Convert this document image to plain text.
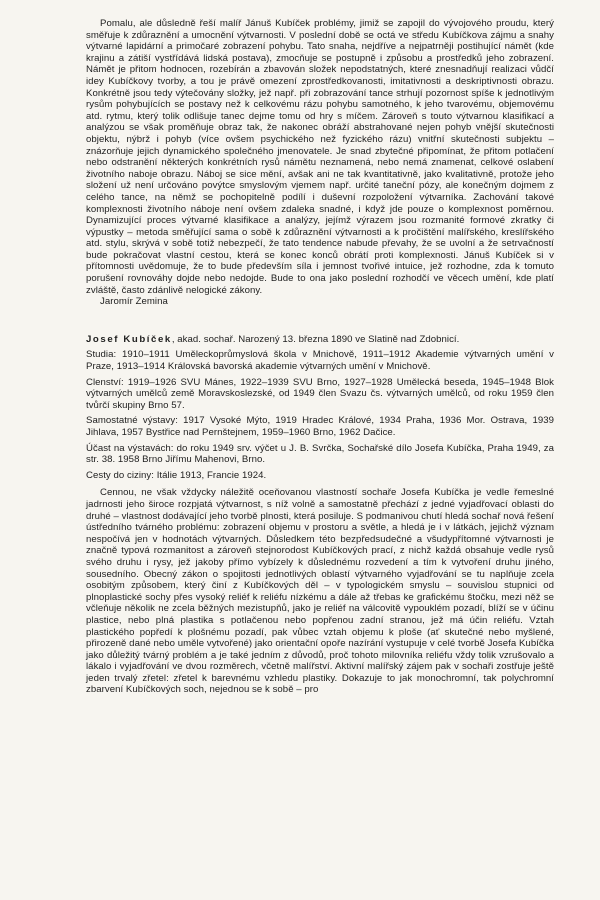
Pomalu, ale důsledně řeší malíř Jánuš Kubíček problémy, jimiž se zapojil do vývojového proudu, který směřuje k zdůraznění a umocnění výtvarnosti. V poslední době se octá ve středu Kubíčkova zájmu a snahy výtvarné lapidární a primočaré zobrazení pohybu. Tato snaha, nejdříve a nejpatrněji postihující námět (kde krajinu a zátiší vystřídává lidská postava), zmocňuje se postupně i způsobu a prostředků jeho zobrazení. Námět je přitom hodnocen, rozebírán a zbavován složek nepodstatných, které znesnadňují realizaci vůdčí idey Kubíčkovy tvorby, a tou je právě omezení zprostředkovanosti, imitativnosti a deskriptivnosti obrazu. Konkrétně jsou tedy výtečovány složky, jež např. při zobrazování tance strhují pozornost spíše k jednotlivým rysům pohybujících se postavy než k celkovému rázu pohybu samotného, k jeho tvarovému, objemovému atd. rytmu, který tolik odlišuje tanec dejme tomu od hry s míčem. Zároveň s touto výtvarnou klasifikací a analýzou se však proměňuje obraz tak, že nakonec obráží abstrahované nejen pohyb vnější skutečnosti objektu, nýbrž i pohyb (více ovšem psychického než fyzického rázu) vnitřní skutečnosti subjektu – znázorňuje jejich dynamického společného jmenovatele. Je snad zbytečné připomínat, že přitom potlačení nebo odstranění některých konkrétních rysů námětu neznamená, nebo nemá znamenat, celkové oslabení životního naboje obrazu. Náboj se sice mění, avšak ani ne tak kvantitativně, jako kvalitativně, protože jeho složení už není určováno povýtce smyslovým vjemem např. určité taneční pózy, ale konečným dojmem z celého tance, na němž se pochopitelně podílí i duševní rozpoložení výtvarníka. Zachování takové komplexnosti životního náboje není ovšem zdaleka snadné, i když jde pouze o komplexnost poměrnou. Dynamizující proces výtvarné klasifikace a analýzy, jejímž výrazem jsou rozmanité formové zkratky či výpustky – metoda směřující sama o sobě k zdůraznění výtvarnosti a k pročištění malířského, kreslířského atd. stylu, skrývá v sobě totiž nebezpečí, že tato tendence nabude převahy, že se uvolní a že setrvačností bude pokračovat vlastní cestou, která se konec konců obrátí proti komplexnosti. Jánuš Kubíček si v přítomnosti uvědomuje, že to bude především síla i jemnost tvořivé intuice, jež rozhodne, zda k tomuto porušení rovnováhy dojde nebo nedojde. Bude to ona jako poslední rozhodčí ve věcech umění, kde platí zvláště, často zdánlivě nelogické zákony.

Jaromír Zemina

Josef Kubíček, akad. sochař. Narozený 13. března 1890 ve Slatině nad Zdobnicí.

Studia: 1910–1911 Uměleckoprůmyslová škola v Mnichově, 1911–1912 Akademie výtvarných umění v Praze, 1913–1914 Královská bavorská akademie výtvarných umění v Mnichově.

Clenství: 1919–1926 SVU Mánes, 1922–1939 SVU Brno, 1927–1928 Umělecká beseda, 1945–1948 Blok výtvarných umělců země Moravskoslezské, od 1949 člen Svazu čs. výtvarných umělců, od roku 1959 člen tvůrčí skupiny Brno 57.

Samostatné výstavy: 1917 Vysoké Mýto, 1919 Hradec Králové, 1934 Praha, 1936 Mor. Ostrava, 1939 Jihlava, 1957 Bystřice nad Pernštejnem, 1959–1960 Brno, 1962 Dačice.

Účast na výstavách: do roku 1949 srv. výčet u J. B. Svrčka, Sochařské dílo Josefa Kubíčka, Praha 1949, za str. 38. 1958 Brno Jiřímu Mahenovi, Brno.

Cesty do ciziny: Itálie 1913, Francie 1924.

Cennou, ne však vždycky náležitě oceňovanou vlastností sochaře Josefa Kubíčka je vedle řemeslné jadrnosti jeho široce rozpjatá výtvarnost, s níž volně a samostatně přechází z jedné vyjadřovací oblasti do druhé – vlastnost dodávající jeho tvorbě plnosti, která posiluje. S podmanivou chutí hledá sochař nová řešení ústředního tvárného problému: zobrazení objemu v prostoru a světle, a hledá je i v látkách, jejichž význam nespočívá jen v hodnotách výtvarných. Důsledkem této bezpředsudečné a všudypřítomné výtvarnosti je značně typová rozmanitost a zároveň stejnorodost Kubíčkových prací, z nichž každá obsahuje vedle rysů svého druhu i rysy, jež jakoby přímo vybízely k důslednému rozvedení a tím k vytvoření druhu jiného, sousedního. Obecný zákon o spojitosti jednotlivých oblastí výtvarného vyjadřování se tu naplňuje zcela osobitým způsobem, který činí z Kubíčkových děl – v typologickém smyslu – souvislou stupnici od plnoplastické sochy přes vysoký reliéf k reliéfu nízkému a dále až třebas ke grafickému štočku, mezi něž se včleňuje několik ne zcela běžných mezistupňů, jako je reliéf na válcovitě vypouklém pozadí, blíží se v účinu plastice, nebo plná plastika s potlačenou nebo popřenou zadní stranou, jež má účin reliéfu. Vztah plastického popředí k plošnému pozadí, pak vůbec vztah objemu k ploše (ať skutečné nebo myšlené, přirozeně dané nebo uměle vytvořené) jako orientační opoře nazírání vystupuje v celé tvorbě Josefa Kubíčka jako důležitý tvárný problém a je také jedním z důvodů, proč tohoto milovníka reliéfu vždy tolik vzrušovalo a lákalo i vyjadřování ve dvou rozměrech, včetně malířství. Aktivní malířský zájem pak v sochaři zostřuje ještě jeden trvalý zřetel: zřetel k barevnému vzhledu plastiky. Dokazuje to jak monochromní, tak polychromní zbarvení Kubíčkových soch, nejednou se k sobě – pro
